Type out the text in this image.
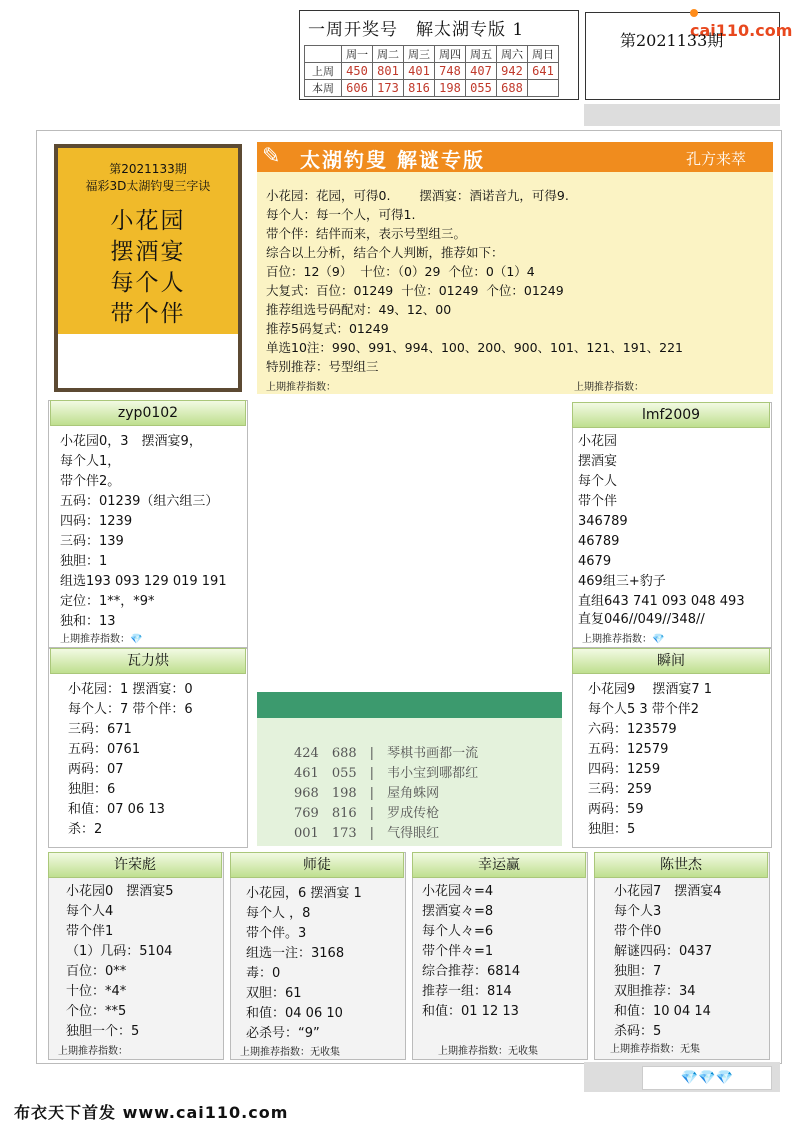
一周开奖号　解太湖专版 1
	周一	周二	周三	周四	周五	周六	周日
上周	450	801	401	748	407	942	641
本周	606	173	816	198	055	688	
cai110.com
第2021133期
第2021133期
福彩3D太湖钓叟三字诀
小花园
摆酒宴
每个人
带个伴
✎ 太湖钓叟 解谜专版	孔方来萃
小花园：花园，可得0.　　 摆酒宴：酒诺音九，可得9.
每个人：每一个人，可得1.
带个伴：结伴而来，表示号型组三。
综合以上分析，结合个人判断，推荐如下：
百位：12（9）  十位：（0）29  个位：0（1）4
大复式：百位：01249  十位：01249  个位：01249
推荐组选号码配对：49、12、00
推荐5码复式：01249
单选10注：990、991、994、100、200、900、101、121、191、221
特别推荐：号型组三
上期推荐指数：	上期推荐指数：
zyp0102
小花园0，3　摆酒宴9，
每个人1，
带个伴2。
五码：01239（组六组三）
四码：1239
三码：139
独胆：1
组选193 093 129 019 191
定位：1**，*9*
独和：13
上期推荐指数：💎
lmf2009
小花园
摆酒宴
每个人
带个伴
346789
46789
4679
469组三+豹子
直组643 741 093 048 493
直复046//049//348//
上期推荐指数：💎
瓦力烘
小花园：1 摆酒宴：0
每个人：7 带个伴：6
三码：671
五码：0761
两码：07
独胆：6
和值：07 06 13
杀：2
瞬间
小花园9　 摆酒宴7 1
每个人5 3 带个伴2
六码：123579
五码：12579
四码：1259
三码：259
两码：59
独胆：5
424　688　 |　 琴棋书画都一流
461　055　 |　 韦小宝到哪都红
968　198　 |　 屋角蛛网
769　816　 |　 罗成传枪
001　173　 |　 气得眼红
许荣彪
小花园0　摆酒宴5
每个人4
带个伴1
（1）几码：5104
百位：0**
十位：*4*
个位：**5
独胆一个：5
上期推荐指数：
师徒
小花园，6 摆酒宴 1
每个人 ，8
带个伴。3
组选一注：3168
毒：0
双胆：61
和值：04 06 10
必杀号：“9”
上期推荐指数：无收集
幸运赢
小花园々=4
摆酒宴々=8
每个人々=6
带个伴々=1
综合推荐：6814
推荐一组：814
和值：01 12 13
上期推荐指数：无收集
陈世杰
小花园7　摆酒宴4
每个人3
带个伴0
解谜四码：0437
独胆：7
双胆推荐：34
和值：10 04 14
杀码：5
上期推荐指数：无集
💎💎💎
布衣天下首发 www.cai110.com
